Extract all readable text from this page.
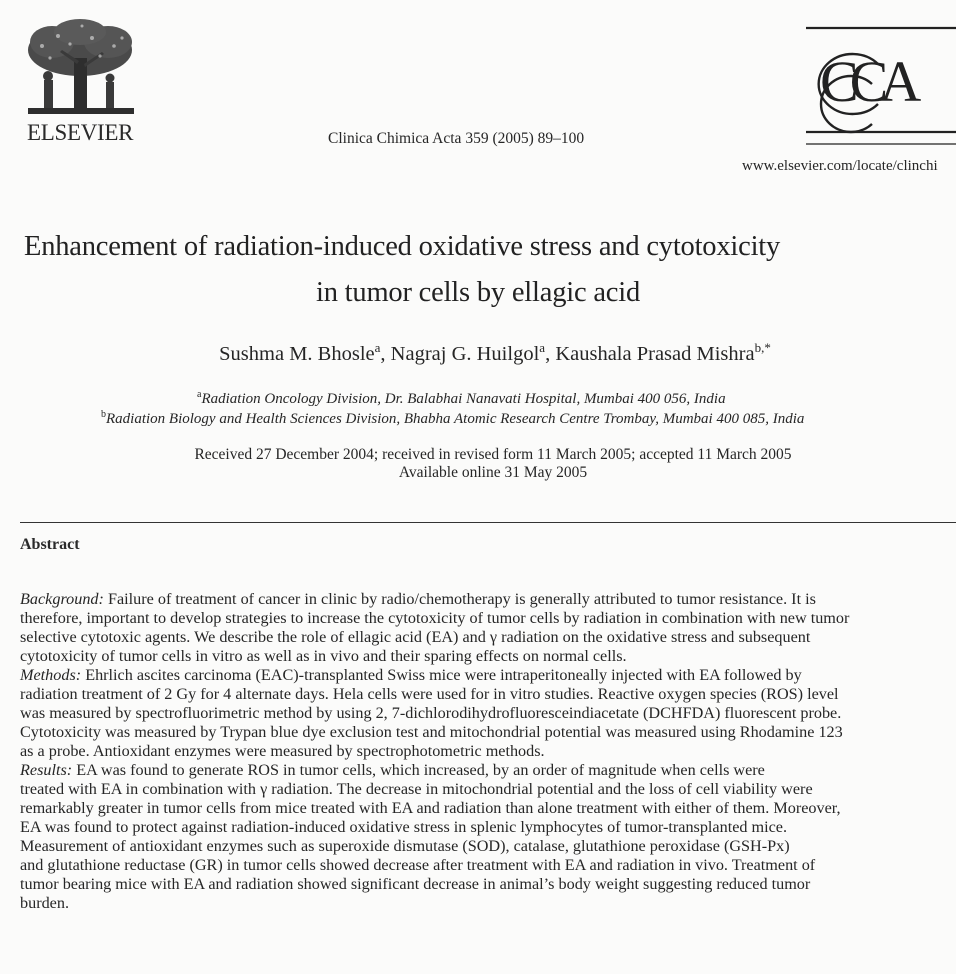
ELSEVIER	Clinica Chimica Acta 359 (2005) 89–100
CCA
www.elsevier.com/locate/clinchi
Enhancement of radiation-induced oxidative stress and cytotoxicity
in tumor cells by ellagic acid
Sushma M. Bhosle$^a$, Nagraj G. Huilgol$^a$, Kaushala Prasad Mishra$^{b,*}$
$^a$Radiation Oncology Division, Dr. Balabhai Nanavati Hospital, Mumbai 400 056, India
$^b$Radiation Biology and Health Sciences Division, Bhabha Atomic Research Centre Trombay, Mumbai 400 085, India
Received 27 December 2004; received in revised form 11 March 2005; accepted 11 March 2005
Available online 31 May 2005
Abstract
Background: Failure of treatment of cancer in clinic by radio/chemotherapy is generally attributed to tumor resistance. It is
therefore, important to develop strategies to increase the cytotoxicity of tumor cells by radiation in combination with new tumor
selective cytotoxic agents. We describe the role of ellagic acid (EA) and γ radiation on the oxidative stress and subsequent
cytotoxicity of tumor cells in vitro as well as in vivo and their sparing effects on normal cells.
Methods: Ehrlich ascites carcinoma (EAC)-transplanted Swiss mice were intraperitoneally injected with EA followed by
radiation treatment of 2 Gy for 4 alternate days. Hela cells were used for in vitro studies. Reactive oxygen species (ROS) level
was measured by spectrofluorimetric method by using 2, 7-dichlorodihydrofluoresceindiacetate (DCHFDA) fluorescent probe.
Cytotoxicity was measured by Trypan blue dye exclusion test and mitochondrial potential was measured using Rhodamine 123
as a probe. Antioxidant enzymes were measured by spectrophotometric methods.
Results: EA was found to generate ROS in tumor cells, which increased, by an order of magnitude when cells were
treated with EA in combination with γ radiation. The decrease in mitochondrial potential and the loss of cell viability were
remarkably greater in tumor cells from mice treated with EA and radiation than alone treatment with either of them. Moreover,
EA was found to protect against radiation-induced oxidative stress in splenic lymphocytes of tumor-transplanted mice.
Measurement of antioxidant enzymes such as superoxide dismutase (SOD), catalase, glutathione peroxidase (GSH-Px)
and glutathione reductase (GR) in tumor cells showed decrease after treatment with EA and radiation in vivo. Treatment of
tumor bearing mice with EA and radiation showed significant decrease in animal’s body weight suggesting reduced tumor
burden.
